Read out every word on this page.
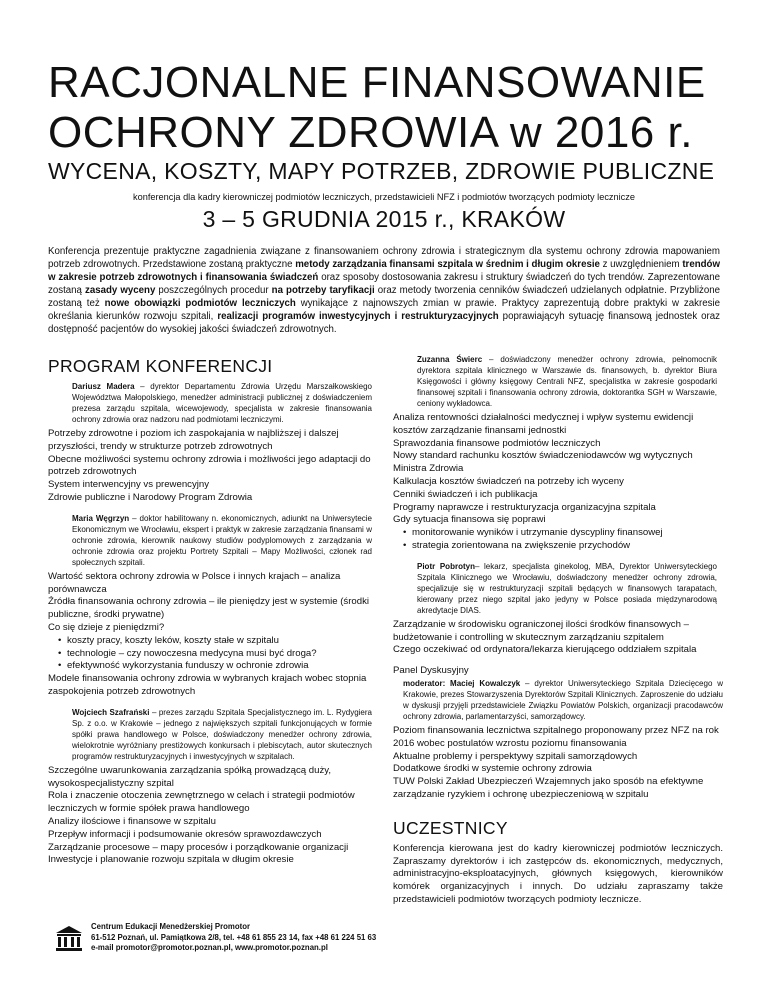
RACJONALNE FINANSOWANIE
OCHRONY ZDROWIA w 2016 r.
WYCENA, KOSZTY, MAPY POTRZEB, ZDROWIE PUBLICZNE
konferencja dla kadry kierowniczej podmiotów leczniczych, przedstawicieli NFZ i podmiotów tworzących podmioty lecznicze
3 – 5 GRUDNIA 2015 r., KRAKÓW
Konferencja prezentuje praktyczne zagadnienia związane z finansowaniem ochrony zdrowia i strategicznym dla systemu ochrony zdrowia mapowaniem potrzeb zdrowotnych. Przedstawione zostaną praktyczne metody zarządzania finansami szpitala w średnim i długim okresie z uwzględnieniem trendów w zakresie potrzeb zdrowotnych i finansowania świadczeń oraz sposoby dostosowania zakresu i struktury świadczeń do tych trendów. Zaprezentowane zostaną zasady wyceny poszczególnych procedur na potrzeby taryfikacji oraz metody tworzenia cenników świadczeń udzielanych odpłatnie. Przybliżone zostaną też nowe obowiązki podmiotów leczniczych wynikające z najnowszych zmian w prawie. Praktycy zaprezentują dobre praktyki w zakresie określania kierunków rozwoju szpitali, realizacji programów inwestycyjnych i restrukturyzacyjnych poprawiającyh sytuację finansową jednostek oraz dostępność pacjentów do wysokiej jakości świadczeń zdrowotnych.
PROGRAM KONFERENCJI
Dariusz Madera – dyrektor Departamentu Zdrowia Urzędu Marszałkowskiego Województwa Małopolskiego, menedżer administracji publicznej z doświadczeniem prezesa zarządu szpitala, wicewojewody, specjalista w zakresie finansowania ochrony zdrowia oraz nadzoru nad podmiotami leczniczymi.
Potrzeby zdrowotne i poziom ich zaspokajania w najbliższej i dalszej przyszłości, trendy w strukturze potrzeb zdrowotnych
Obecne możliwości systemu ochrony zdrowia i możliwości jego adaptacji do potrzeb zdrowotnych
System interwencyjny vs prewencyjny
Zdrowie publiczne i Narodowy Program Zdrowia
Maria Węgrzyn – doktor habilitowany n. ekonomicznych, adiunkt na Uniwersytecie Ekonomicznym we Wrocławiu, ekspert i praktyk w zakresie zarządzania finansami w ochronie zdrowia, kierownik naukowy studiów podyplomowych z zarządzania w ochronie zdrowia oraz projektu Portrety Szpitali – Mapy Możliwości, członek rad społecznych szpitali.
Wartość sektora ochrony zdrowia w Polsce i innych krajach – analiza porównawcza
Źródła finansowania ochrony zdrowia – ile pieniędzy jest w systemie (środki publiczne, środki prywatne)
Co się dzieje z pieniędzmi?
• koszty pracy, koszty leków, koszty stałe w szpitalu
• technologie – czy nowoczesna medycyna musi być droga?
• efektywność wykorzystania funduszy w ochronie zdrowia
Modele finansowania ochrony zdrowia w wybranych krajach wobec stopnia zaspokojenia potrzeb zdrowotnych
Wojciech Szafrański – prezes zarządu Szpitala Specjalistycznego im. L. Rydygiera Sp. z o.o. w Krakowie – jednego z największych szpitali funkcjonujących w formie spółki prawa handlowego w Polsce, doświadczony menedżer ochrony zdrowia, wielokrotnie wyróżniany prestiżowych konkursach i plebiscytach, autor skutecznych programów restrukturyzacyjnych i inwestycyjnych w szpitalach.
Szczególne uwarunkowania zarządzania spółką prowadzącą duży, wysokospecjalistyczny szpital
Rola i znaczenie otoczenia zewnętrznego w celach i strategii podmiotów leczniczych w formie spółek prawa handlowego
Analizy ilościowe i finansowe w szpitalu
Przepływ informacji i podsumowanie okresów sprawozdawczych
Zarządzanie procesowe – mapy procesów i porządkowanie organizacji
Inwestycje i planowanie rozwoju szpitala w długim okresie
Zuzanna Świerc – doświadczony menedżer ochrony zdrowia, pełnomocnik dyrektora szpitala klinicznego w Warszawie ds. finansowych, b. dyrektor Biura Księgowości i główny księgowy Centrali NFZ, specjalistka w zakresie gospodarki finansowej szpitali i finansowania ochrony zdrowia, doktorantka SGH w Warszawie, ceniony wykładowca.
Analiza rentowności działalności medycznej i wpływ systemu ewidencji kosztów zarządzanie finansami jednostki
Sprawozdania finansowe podmiotów leczniczych
Nowy standard rachunku kosztów świadczeniodawców wg wytycznych Ministra Zdrowia
Kalkulacja kosztów świadczeń na potrzeby ich wyceny
Cenniki świadczeń i ich publikacja
Programy naprawcze i restrukturyzacja organizacyjna szpitala
Gdy sytuacja finansowa się poprawi
• monitorowanie wyników i utrzymanie dyscypliny finansowej
• strategia zorientowana na zwiększenie przychodów
Piotr Pobrotyn– lekarz, specjalista ginekolog, MBA, Dyrektor Uniwersyteckiego Szpitala Klinicznego we Wrocławiu, doświadczony menedżer ochrony zdrowia, specjalizuje się w restrukturyzacji szpitali będących w finansowych tarapatach, kierowany przez niego szpital jako jedyny w Polsce posiada międzynarodową akredytacje DIAS.
Zarządzanie w środowisku ograniczonej ilości środków finansowych – budżetowanie i controlling w skutecznym zarządzaniu szpitalem
Czego oczekiwać od ordynatora/lekarza kierującego oddziałem szpitala
Panel Dyskusyjny
moderator: Maciej Kowalczyk – dyrektor Uniwersyteckiego Szpitala Dziecięcego w Krakowie, prezes Stowarzyszenia Dyrektorów Szpitali Klinicznych. Zaproszenie do udziału w dyskusji przyjęli przedstawiciele Związku Powiatów Polskich, organizacji pracodawców ochrony zdrowia, parlamentarzyści, samorządowcy.
Poziom finansowania lecznictwa szpitalnego proponowany przez NFZ na rok 2016 wobec postulatów wzrostu poziomu finansowania
Aktualne problemy i perspektywy szpitali samorządowych
Dodatkowe środki w systemie ochrony zdrowia
TUW Polski Zakład Ubezpieczeń Wzajemnych jako sposób na efektywne zarządzanie ryzykiem i ochronę ubezpieczeniową w szpitalu
UCZESTNICY
Konferencja kierowana jest do kadry kierowniczej podmiotów leczniczych. Zapraszamy dyrektorów i ich zastępców ds. ekonomicznych, medycznych, administracyjno-eksploatacyjnych, głównych księgowych, kierowników komórek organizacyjnych i innych. Do udziału zapraszamy także przedstawicieli podmiotów tworzących podmioty lecznicze.
Centrum Edukacji Menedżerskiej Promotor
61-512 Poznań, ul. Pamiątkowa 2/8, tel. +48 61 855 23 14, fax +48 61 224 51 63
e-mail promotor@promotor.poznan.pl, www.promotor.poznan.pl
